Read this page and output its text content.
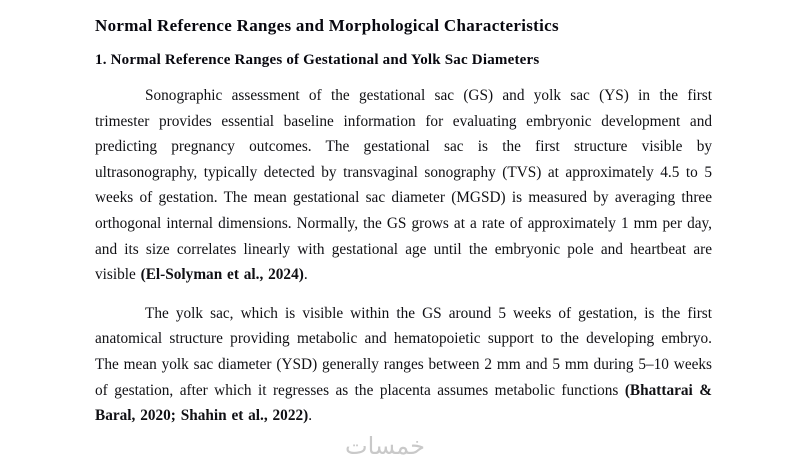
Normal Reference Ranges and Morphological Characteristics
1. Normal Reference Ranges of Gestational and Yolk Sac Diameters

Sonographic assessment of the gestational sac (GS) and yolk sac (YS) in the first trimester provides essential baseline information for evaluating embryonic development and predicting pregnancy outcomes. The gestational sac is the first structure visible by ultrasonography, typically detected by transvaginal sonography (TVS) at approximately 4.5 to 5 weeks of gestation. The mean gestational sac diameter (MGSD) is measured by averaging three orthogonal internal dimensions. Normally, the GS grows at a rate of approximately 1 mm per day, and its size correlates linearly with gestational age until the embryonic pole and heartbeat are visible (El-Solyman et al., 2024).

The yolk sac, which is visible within the GS around 5 weeks of gestation, is the first anatomical structure providing metabolic and hematopoietic support to the developing embryo. The mean yolk sac diameter (YSD) generally ranges between 2 mm and 5 mm during 5–10 weeks of gestation, after which it regresses as the placenta assumes metabolic functions (Bhattarai & Baral, 2020; Shahin et al., 2022).

خمسات
